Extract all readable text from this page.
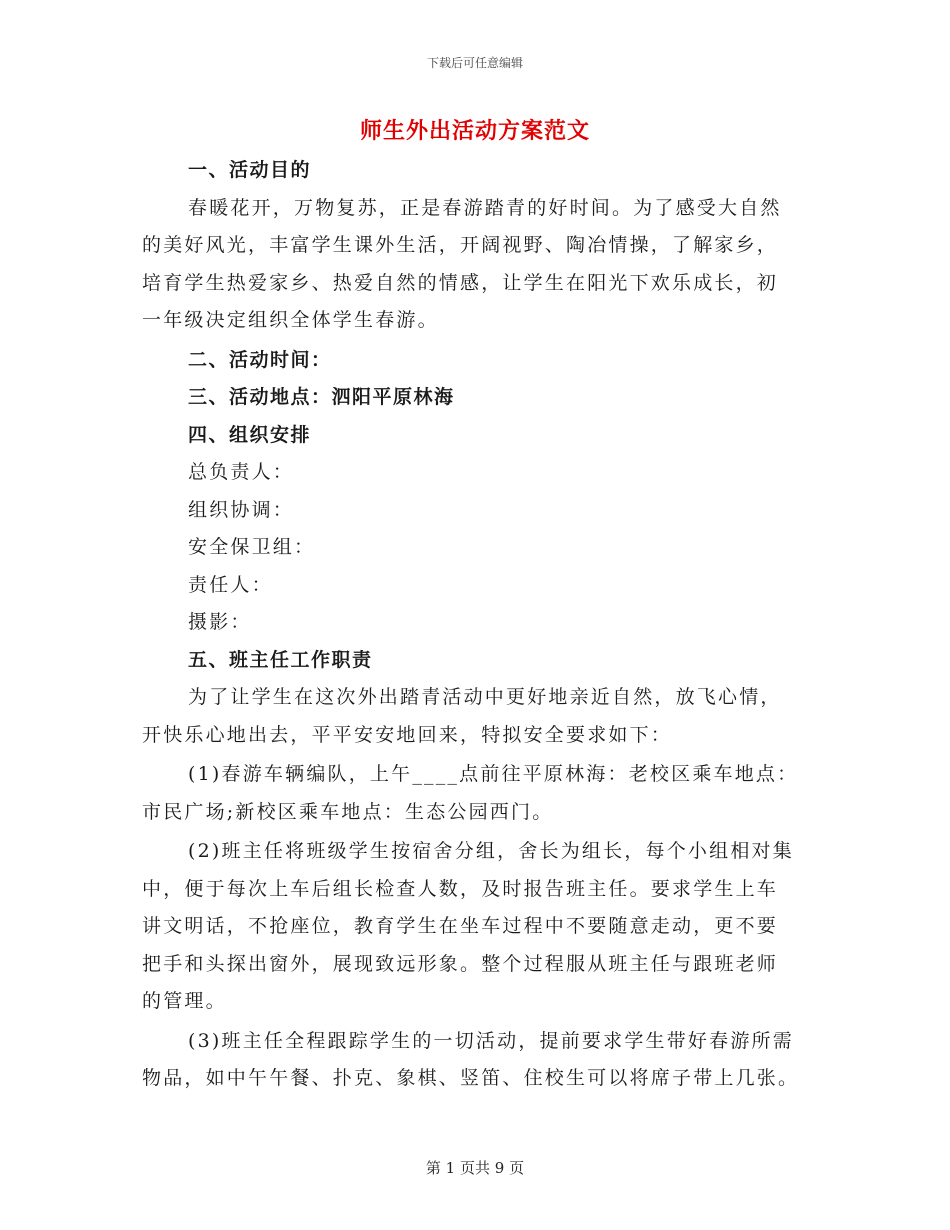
下载后可任意编辑
师生外出活动方案范文
一、活动目的
春暖花开，万物复苏，正是春游踏青的好时间。为了感受大自然
的美好风光，丰富学生课外生活，开阔视野、陶冶情操，了解家乡，
培育学生热爱家乡、热爱自然的情感，让学生在阳光下欢乐成长，初
一年级决定组织全体学生春游。
二、活动时间：
三、活动地点：泗阳平原林海
四、组织安排
总负责人：
组织协调：
安全保卫组：
责任人：
摄影：
五、班主任工作职责
为了让学生在这次外出踏青活动中更好地亲近自然，放飞心情，
开快乐心地出去，平平安安地回来，特拟安全要求如下：
(1)春游车辆编队，上午____点前往平原林海：老校区乘车地点：
市民广场;新校区乘车地点：生态公园西门。
(2)班主任将班级学生按宿舍分组，舍长为组长，每个小组相对集
中，便于每次上车后组长检查人数，及时报告班主任。要求学生上车
讲文明话，不抢座位，教育学生在坐车过程中不要随意走动，更不要
把手和头探出窗外，展现致远形象。整个过程服从班主任与跟班老师
的管理。
(3)班主任全程跟踪学生的一切活动，提前要求学生带好春游所需
物品，如中午午餐、扑克、象棋、竖笛、住校生可以将席子带上几张。
第 1 页共 9 页
